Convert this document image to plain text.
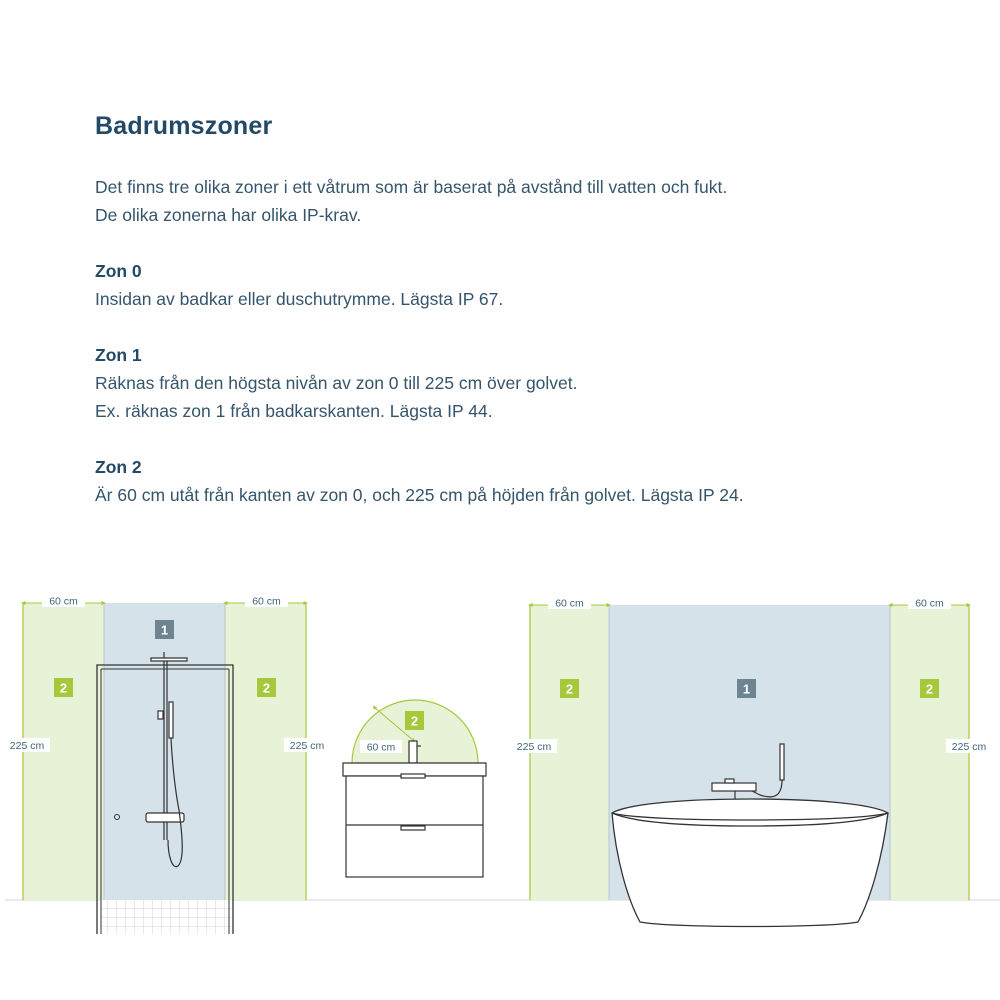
Badrumszoner

Det finns tre olika zoner i ett våtrum som är baserat på avstånd till vatten och fukt.

De olika zonerna har olika IP-krav.

Zon 0

Insidan av badkar eller duschutrymme. Lägsta IP 67.

Zon 1

Räknas från den högsta nivån av zon 0 till 225 cm över golvet.

Ex. räknas zon 1 från badkarskanten. Lägsta IP 44.

Zon 2

Är 60 cm utåt från kanten av zon 0, och 225 cm på höjden från golvet. Lägsta IP 24.

60 cm	60 cm
225 cm	225 cm
1
2	2
60 cm
2
60 cm	60 cm
225 cm	225 cm
1
2	2
